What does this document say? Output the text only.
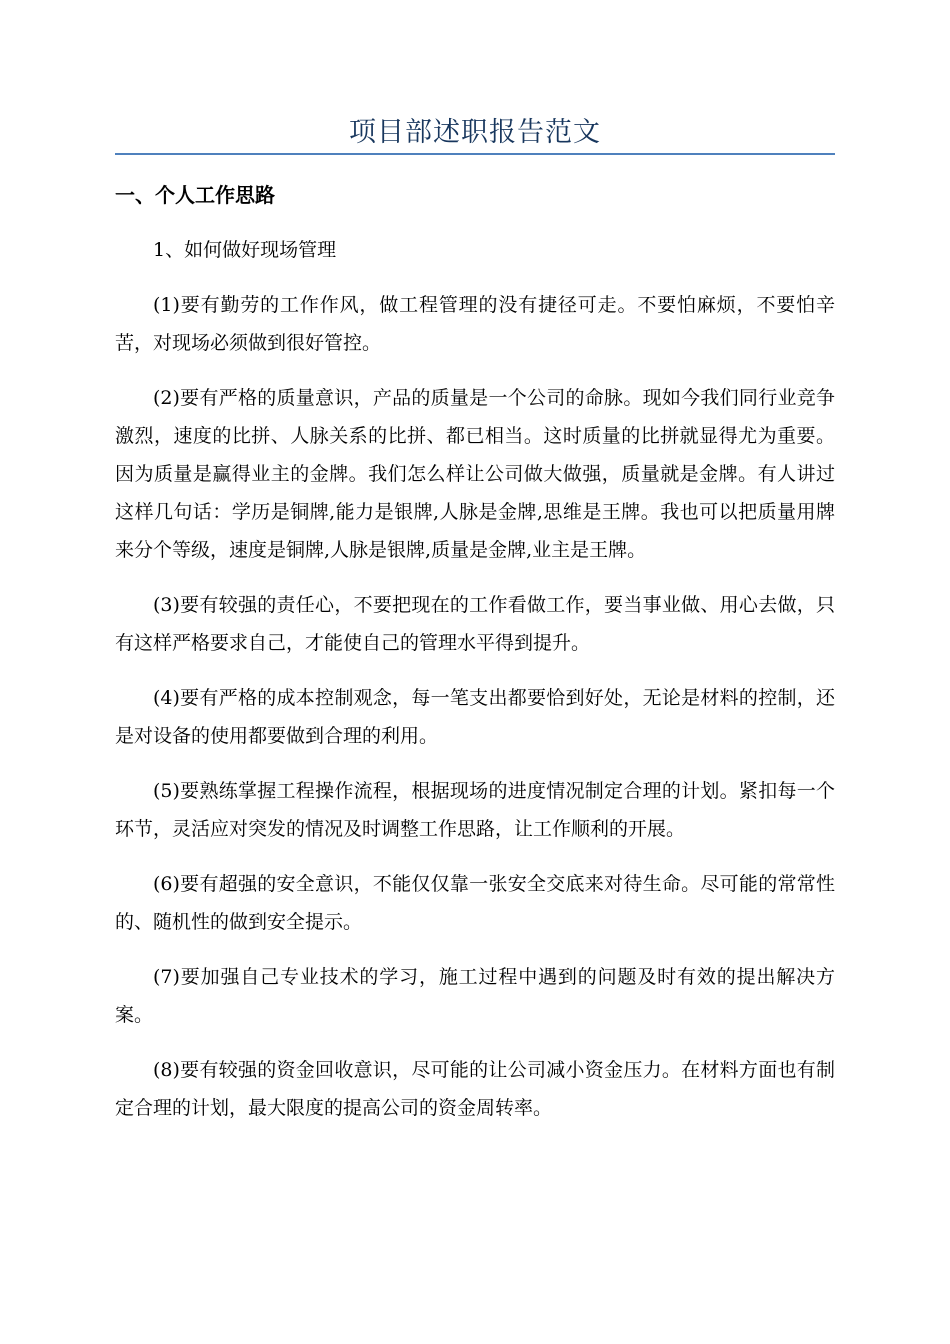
项目部述职报告范文
一、个人工作思路
1、如何做好现场管理

(1)要有勤劳的工作作风，做工程管理的没有捷径可走。不要怕麻烦，不要怕辛苦，对现场必须做到很好管控。

(2)要有严格的质量意识，产品的质量是一个公司的命脉。现如今我们同行业竞争激烈，速度的比拼、人脉关系的比拼、都已相当。这时质量的比拼就显得尤为重要。因为质量是赢得业主的金牌。我们怎么样让公司做大做强，质量就是金牌。有人讲过这样几句话：学历是铜牌,能力是银牌,人脉是金牌,思维是王牌。我也可以把质量用牌来分个等级，速度是铜牌,人脉是银牌,质量是金牌,业主是王牌。

(3)要有较强的责任心，不要把现在的工作看做工作，要当事业做、用心去做，只有这样严格要求自己，才能使自己的管理水平得到提升。

(4)要有严格的成本控制观念，每一笔支出都要恰到好处，无论是材料的控制，还是对设备的使用都要做到合理的利用。

(5)要熟练掌握工程操作流程，根据现场的进度情况制定合理的计划。紧扣每一个环节，灵活应对突发的情况及时调整工作思路，让工作顺利的开展。

(6)要有超强的安全意识，不能仅仅靠一张安全交底来对待生命。尽可能的常常性的、随机性的做到安全提示。

(7)要加强自己专业技术的学习，施工过程中遇到的问题及时有效的提出解决方案。

(8)要有较强的资金回收意识，尽可能的让公司减小资金压力。在材料方面也有制定合理的计划，最大限度的提高公司的资金周转率。
